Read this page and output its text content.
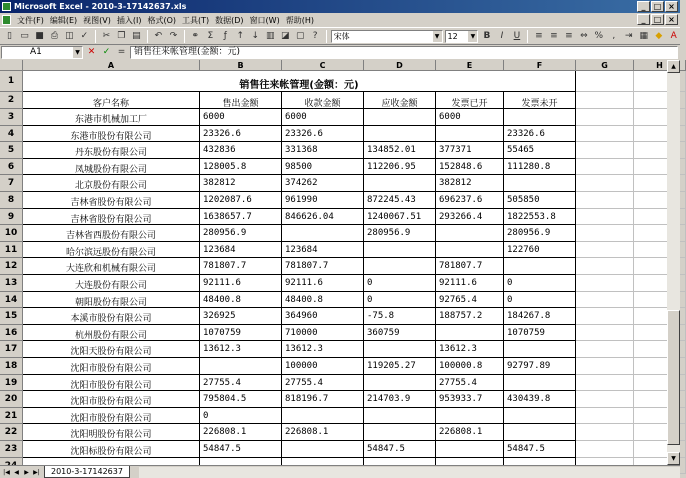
Microsoft Excel - 2010-3-17142637.xls	_	□ ×
文件(F) 编辑(E) 视图(V) 插入(I) 格式(O) 工具(T) 数据(D) 窗口(W) 帮助(H)	_	□ ×
▯ ▭ ■ ⎙ ◫ ✓	✂ ❐ ▤	↶ ↷	⚭ Σ	ƒ	↑ ↓ ▥ ◪ ▢ ?	宋体	▼	12	▼ B	I	U	≡ ≡ ≡ ⇔ %	,	⇥ ▦ ◆ A
A1	▼ ✕ ✓ = 销售往来帐管理(金额：元)
A	B	C	D	E	F	G	H
1
2
3
4
5
6
7
8
9
10
11
12
13
14
15
16
17
18
19
20
21
22
23
销售往来帐管理(金额：元)
客户名称	售出金额	收款金额	应收金额	发票已开	发票未开
东港市机械加工厂	6000	6000	6000
东港市股份有限公司	23326.6	23326.6	23326.6
丹东股份有限公司	432836	331368	134852.01	377371	55465
凤城股份有限公司	128005.8	98500	112206.95	152848.6	111280.8
北京股份有限公司	382812	374262	382812
吉林省股份有限公司	1202087.6	961990	872245.43	696237.6	505850
吉林省股份有限公司	1638657.7	846626.04	1240067.51	293266.4	1822553.8
吉林省西股份有限公司	280956.9	280956.9	280956.9
哈尔滨远股份有限公司	123684	123684	122760
大连欣和机械有限公司	781807.7	781807.7	781807.7
大连股份有限公司	92111.6	92111.6	0	92111.6	0
朝阳股份有限公司	48400.8	48400.8	0	92765.4	0
本溪市股份有限公司	326925	364960	-75.8	188757.2	184267.8
杭州股份有限公司	1070759	710000	360759	1070759
沈阳天股份有限公司	13612.3	13612.3	13612.3
沈阳市股份有限公司	100000	119205.27	100000.8	92797.89
沈阳市股份有限公司	27755.4	27755.4	27755.4
沈阳市股份有限公司	795804.5	818196.7	214703.9	953933.7	430439.8
沈阳市股份有限公司	0
沈阳明股份有限公司	226808.1	226808.1	226808.1
沈阳标股份有限公司	54847.5	54847.5	54847.5
▲
▼
|◀ ◀ ▶ ▶|	2010-3-17142637
